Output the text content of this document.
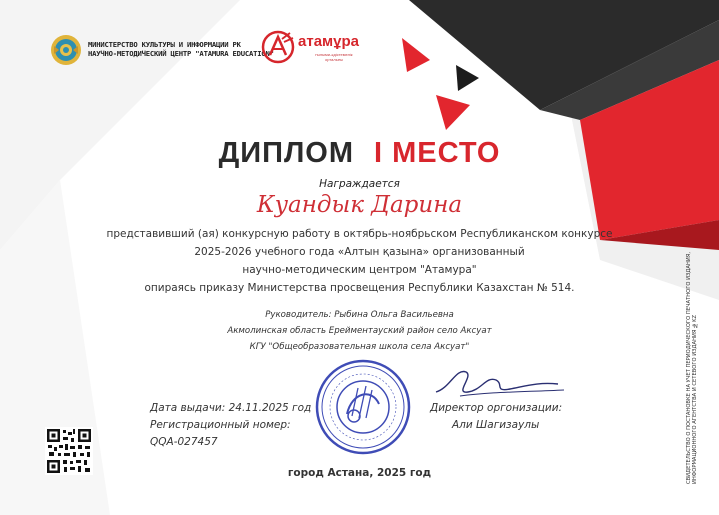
МИНИСТЕРСТВО КУЛЬТУРЫ И ИНФОРМАЦИИ РК
НАУЧНО-МЕТОДИЧЕСКИЙ ЦЕНТР "ATAMURA EDUCATION"
атамұра
ғылыми-әдістемелік орталығы
ДИПЛОМ I МЕСТО
Награждается
Куандык Дарина
представивший (ая) конкурсную работу в октябрь-ноябрьском Республиканском конкурсе
2025-2026 учебного года «Алтын қазына» организованный
научно-методическим центром "Атамура"
опираясь приказу Министерства просвещения Республики Казахстан № 514.
Руководитель: Рыбина Ольга Васильевна
Акмолинская область Ерейментауский район село Аксуат
КГУ "Общеобразовательная школа села Аксуат"
Дата выдачи: 24.11.2025 год
Регистрационный номер:
QQA-027457
Директор оргонизации:
Али Шагизаулы
город Астана, 2025 год	СВИДЕТЕЛЬСТВО О ПОСТАНОВКЕ НА УЧЕТ ПЕРИОДИЧЕСКОГО ПЕЧАТНОГО ИЗДАНИЯ, ИНФОРМАЦИОННОГО АГЕНТСТВА И СЕТЕВОГО ИЗДАНИЯ №KZ
